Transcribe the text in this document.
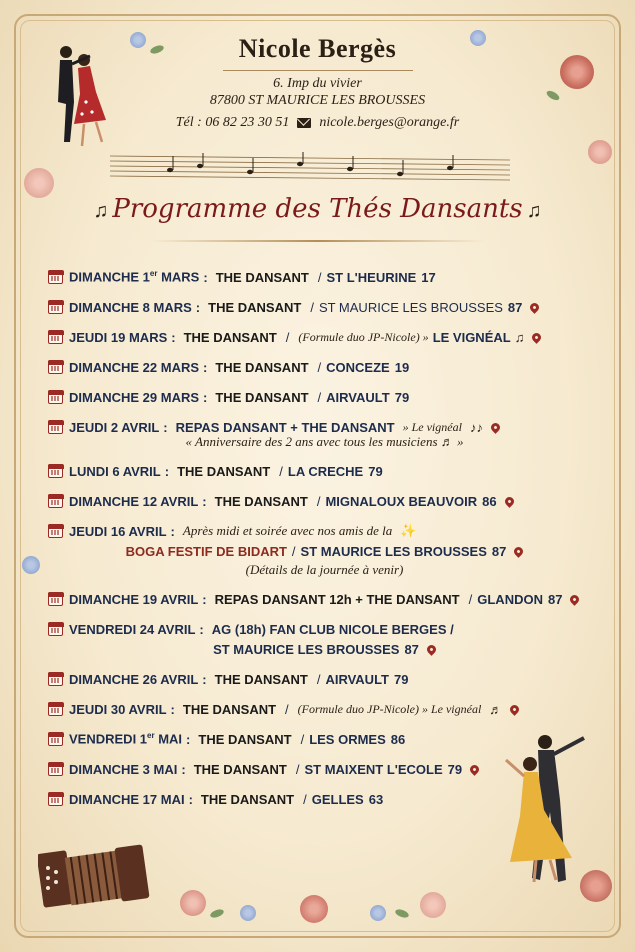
Nicole Bergès
6. Imp du vivier
87800 ST MAURICE LES BROUSSES
Tél : 06 82 23 30 51 nicole.berges@orange.fr
♫ Programme des Thés Dansants ♫
DIMANCHE 1er MARS : THE DANSANT / ST L'HEURINE 17
DIMANCHE 8 MARS : THE DANSANT / ST MAURICE LES BROUSSES 87
JEUDI 19 MARS : THE DANSANT / (Formule duo JP-Nicole) » LE VIGNÉAL ♫
DIMANCHE 22 MARS : THE DANSANT / CONCEZE 19
DIMANCHE 29 MARS : THE DANSANT / AIRVAULT 79
JEUDI 2 AVRIL : REPAS DANSANT + THE DANSANT » Le vignéal ♪♪
« Anniversaire des 2 ans avec tous les musiciens ♬ »
LUNDI 6 AVRIL : THE DANSANT / LA CRECHE 79
DIMANCHE 12 AVRIL : THE DANSANT / MIGNALOUX BEAUVOIR 86
JEUDI 16 AVRIL : Après midi et soirée avec nos amis de la ✨
BOGA FESTIF DE BIDART / ST MAURICE LES BROUSSES 87
(Détails de la journée à venir)
DIMANCHE 19 AVRIL : REPAS DANSANT 12h + THE DANSANT / GLANDON 87
VENDREDI 24 AVRIL : AG (18h) FAN CLUB NICOLE BERGES /
ST MAURICE LES BROUSSES 87
DIMANCHE 26 AVRIL : THE DANSANT / AIRVAULT 79
JEUDI 30 AVRIL : THE DANSANT / (Formule duo JP-Nicole) » Le vignéal ♬
VENDREDI 1er MAI : THE DANSANT / LES ORMES 86
DIMANCHE 3 MAI : THE DANSANT / ST MAIXENT L'ECOLE 79
DIMANCHE 17 MAI : THE DANSANT / GELLES 63
